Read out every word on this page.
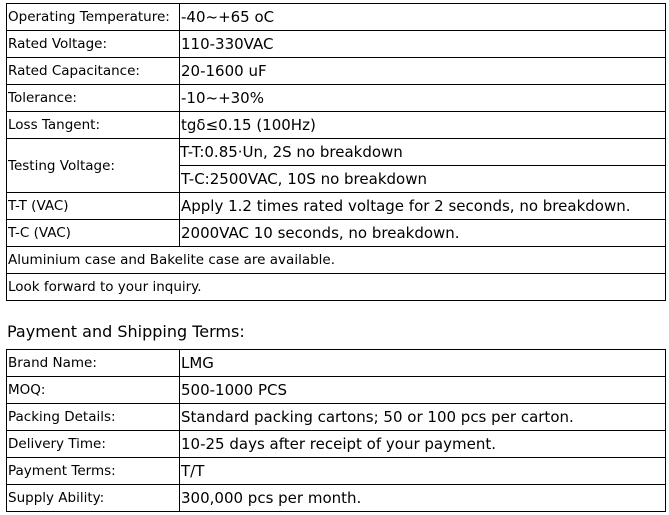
Operating Temperature:	-40~+65 oC
Rated Voltage:	110-330VAC
Rated Capacitance:	20-1600 uF
Tolerance:	-10~+30%
Loss Tangent:	tgδ≤0.15 (100Hz)
Testing Voltage:	T-T:0.85·Un, 2S no breakdown
T-C:2500VAC, 10S no breakdown

T-T (VAC)	Apply 1.2 times rated voltage for 2 seconds, no breakdown.
T-C (VAC)	2000VAC 10 seconds, no breakdown.
Aluminium case and Bakelite case are available.	
Look forward to your inquiry.	
Payment and Shipping Terms:
Brand Name:	LMG
MOQ:	500-1000 PCS
Packing Details:	Standard packing cartons; 50 or 100 pcs per carton.
Delivery Time:	10-25 days after receipt of your payment.
Payment Terms:	T/T
Supply Ability:	300,000 pcs per month.
